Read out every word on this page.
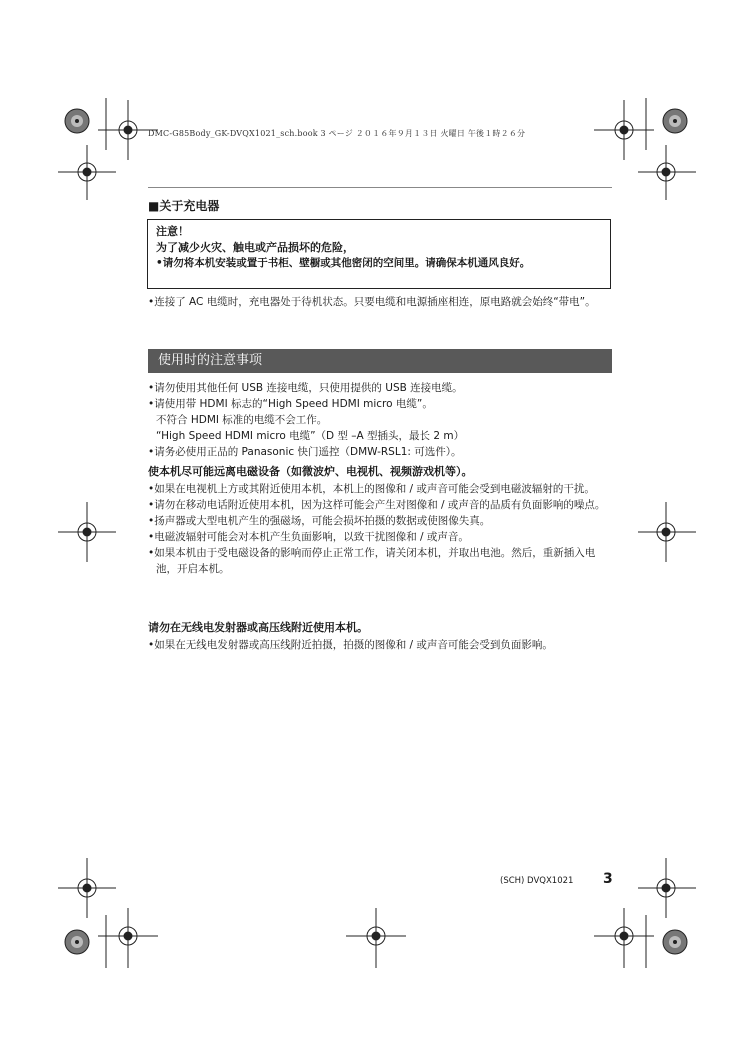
DMC-G85Body_GK-DVQX1021_sch.book 3 ページ ２０１６年９月１３日 火曜日 午後１時２６分
■关于充电器
注意！
为了减少火灾、触电或产品损坏的危险，
•请勿将本机安装或置于书柜、壁橱或其他密闭的空间里。请确保本机通风良好。

•连接了 AC 电缆时，充电器处于待机状态。只要电缆和电源插座相连，原电路就会始终“带电”。

使用时的注意事项

•请勿使用其他任何 USB 连接电缆，只使用提供的 USB 连接电缆。

•请使用带 HDMI 标志的“High Speed HDMI micro 电缆”。

不符合 HDMI 标准的电缆不会工作。

“High Speed HDMI micro 电缆”（D 型 –A 型插头，最长 2 m）

•请务必使用正品的 Panasonic 快门遥控（DMW-RSL1: 可选件）。

使本机尽可能远离电磁设备（如微波炉、电视机、视频游戏机等）。

•如果在电视机上方或其附近使用本机，本机上的图像和 / 或声音可能会受到电磁波辐射的干扰。

•请勿在移动电话附近使用本机，因为这样可能会产生对图像和 / 或声音的品质有负面影响的噪点。

•扬声器或大型电机产生的强磁场，可能会损坏拍摄的数据或使图像失真。

•电磁波辐射可能会对本机产生负面影响，以致干扰图像和 / 或声音。

•如果本机由于受电磁设备的影响而停止正常工作，请关闭本机，并取出电池。然后，重新插入电池，开启本机。

请勿在无线电发射器或高压线附近使用本机。

•如果在无线电发射器或高压线附近拍摄，拍摄的图像和 / 或声音可能会受到负面影响。

(SCH) DVQX1021 3
